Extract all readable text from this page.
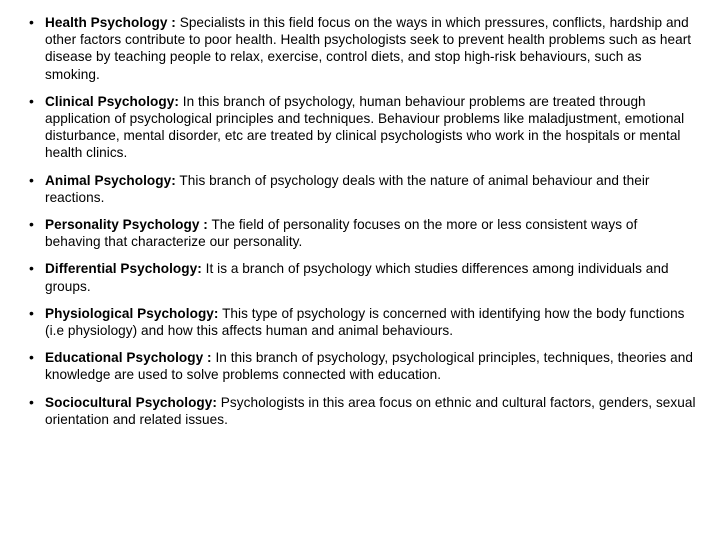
• Health Psychology : Specialists in this field focus on the ways in which pressures, conflicts, hardship and other factors contribute to poor health. Health psychologists seek to prevent health problems such as heart disease by teaching people to relax, exercise, control diets, and stop high-risk behaviours, such as smoking.
• Clinical Psychology: In this branch of psychology, human behaviour problems are treated through application of psychological principles and techniques. Behaviour problems like maladjustment, emotional disturbance, mental disorder, etc are treated by clinical psychologists who work in the hospitals or mental health clinics.
• Animal Psychology: This branch of psychology deals with the nature of animal behaviour and their reactions.
• Personality Psychology : The field of personality focuses on the more or less consistent ways of behaving that characterize our personality.
• Differential Psychology: It is a branch of psychology which studies differences among individuals and groups.
• Physiological Psychology: This type of psychology is concerned with identifying how the body functions (i.e physiology) and how this affects human and animal behaviours.
• Educational Psychology : In this branch of psychology, psychological principles, techniques, theories and knowledge are used to solve problems connected with education.
• Sociocultural Psychology: Psychologists in this area focus on ethnic and cultural factors, genders, sexual orientation and related issues.
